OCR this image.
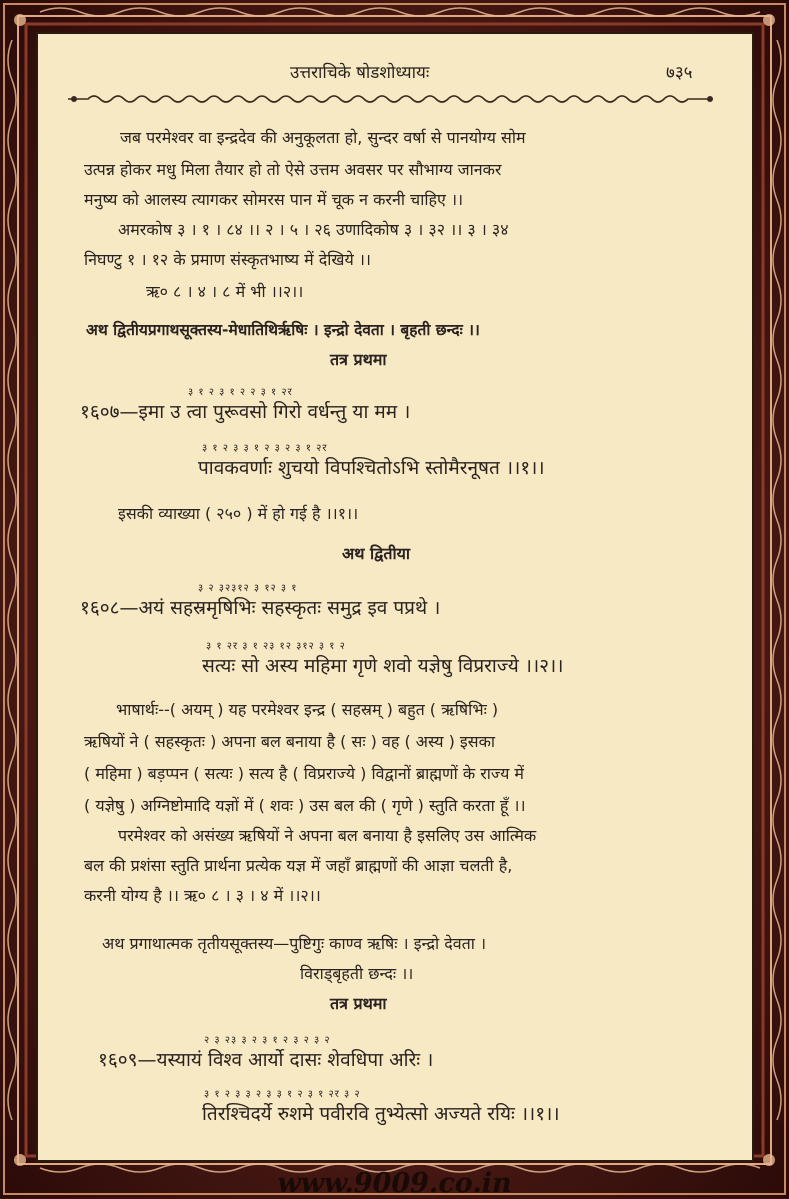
उत्तराचिके षोडशोध्यायः	७३५
जब परमेश्वर वा इन्द्रदेव की अनुकूलता हो, सुन्दर वर्षा से पानयोग्य सोम
उत्पन्न होकर मधु मिला तैयार हो तो ऐसे उत्तम अवसर पर सौभाग्य जानकर
मनुष्य को आलस्य त्यागकर सोमरस पान में चूक न करनी चाहिए ।।
अमरकोष ३ । १ । ८४ ।। २ । ५ । २६ उणादिकोष ३ । ३२ ।। ३ । ३४
निघण्टु १ । १२ के प्रमाण संस्कृतभाष्य में देखिये ।।
ऋ० ८ । ४ । ८ में भी ।।२।।
अथ द्वितीयप्रगाथसूक्तस्य-मेधातिथिर्ऋषिः । इन्द्रो देवता । बृहती छन्दः ।।
तत्र प्रथमा
३ १ २ ३ १ २ २ ३ १ २र
१६०७—इमा उ त्वा पुरूवसो गिरो वर्धन्तु या मम ।
३ १ २ ३ ३ १ २ ३ २ ३ १ २र
पावकवर्णाः शुचयो विपश्चितोऽभि स्तोमैरनूषत ।।१।।
इसकी व्याख्या ( २५० ) में हो गई है ।।१।।
अथ द्वितीया
३ २ ३२३१२ ३ १२ ३ १
१६०८—अयं सहस्रमृषिभिः सहस्कृतः समुद्र इव पप्रथे ।
३ १ २र ३ १ २३ १२ ३१२ ३ १ २
सत्यः सो अस्य महिमा गृणे शवो यज्ञेषु विप्रराज्ये ।।२।।
भाषार्थः--( अयम् ) यह परमेश्वर इन्द्र ( सहस्रम् ) बहुत ( ऋषिभिः )
ऋषियों ने ( सहस्कृतः ) अपना बल बनाया है ( सः ) वह ( अस्य ) इसका
( महिमा ) बड़प्पन ( सत्यः ) सत्य है ( विप्रराज्ये ) विद्वानों ब्राह्मणों के राज्य में
( यज्ञेषु ) अग्निष्टोमादि यज्ञों में ( शवः ) उस बल की ( गृणे ) स्तुति करता हूँ ।।
परमेश्वर को असंख्य ऋषियों ने अपना बल बनाया है इसलिए उस आत्मिक
बल की प्रशंसा स्तुति प्रार्थना प्रत्येक यज्ञ में जहाँ ब्राह्मणों की आज्ञा चलती है,
करनी योग्य है ।। ऋ० ८ । ३ । ४ में ।।२।।
अथ प्रगाथात्मक तृतीयसूक्तस्य—पुष्टिगुः काण्व ऋषिः । इन्द्रो देवता ।
विराड्बृहती छन्दः ।।
तत्र प्रथमा
२ ३ २३ ३ २ ३ १ २ ३ २ ३ २
१६०९—यस्यायं विश्व आर्यो दासः शेवधिपा अरिः ।
३ १ २ ३ ३ २ ३ ३ १ २ ३ १ २र ३ २
तिरश्चिदर्ये रुशमे पवीरवि तुभ्येत्सो अज्यते रयिः ।।१।।
www.9009.co.in
